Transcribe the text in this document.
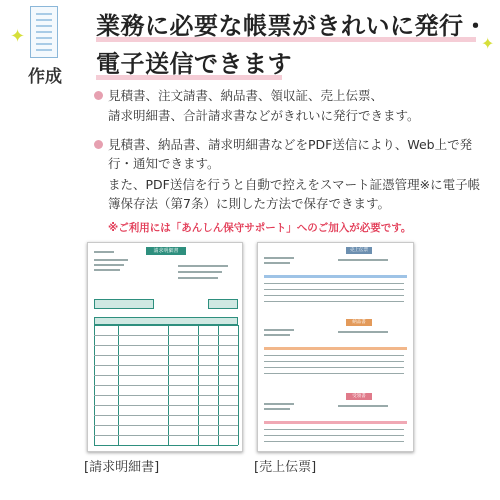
✦	✦
作成
業務に必要な帳票がきれいに発行・
電子送信できます
見積書、注文請書、納品書、領収証、売上伝票、
請求明細書、合計請求書などがきれいに発行できます。
見積書、納品書、請求明細書などをPDF送信により、Web上で発
行・通知できます。
また、PDF送信を行うと自動で控えをスマート証憑管理※に電子帳
簿保存法（第7条）に則した方法で保存できます。
※ご利用には「あんしん保守サポート」へのご加入が必要です。
請求明細書	売上伝票
納品書
受領書
[請求明細書]	[売上伝票]
